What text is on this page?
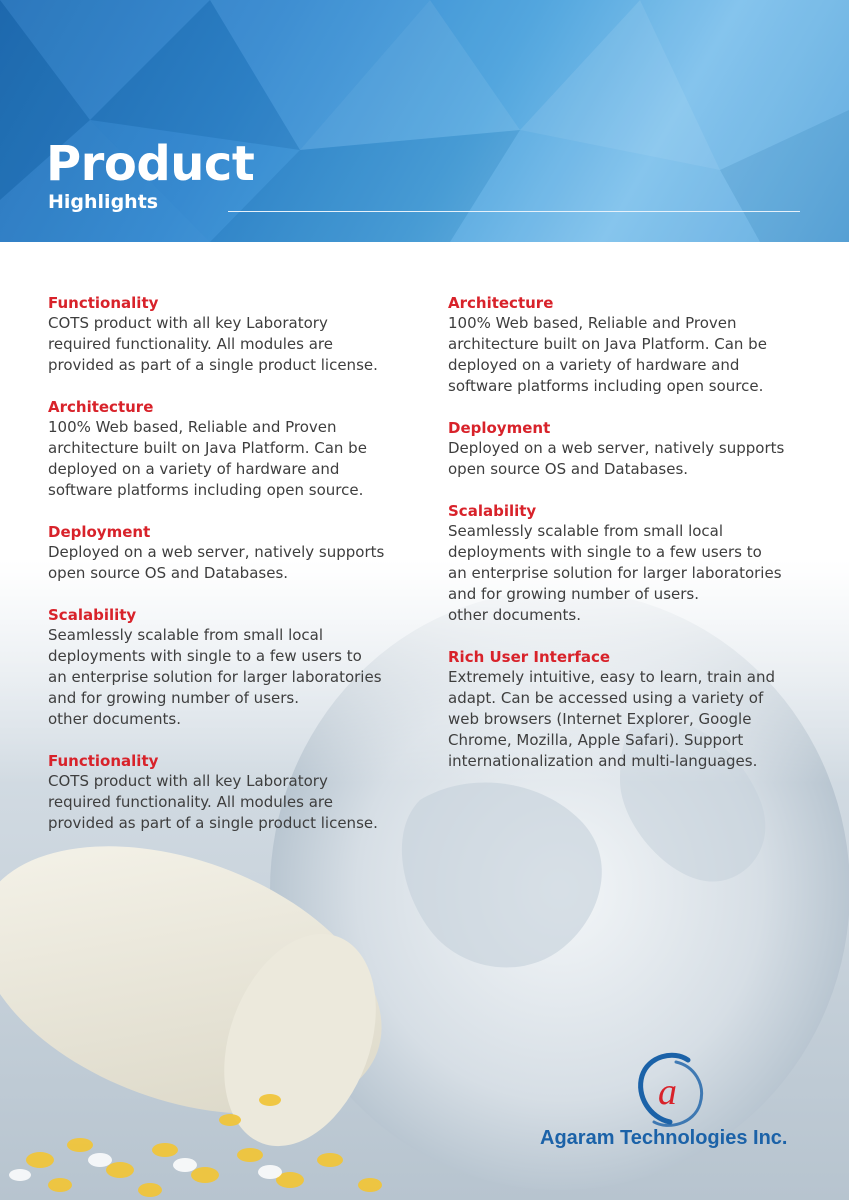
Product
Highlights
Functionality

COTS product with all key Laboratory
required functionality. All modules are
provided as part of a single product license.

Architecture

100% Web based, Reliable and Proven
architecture built on Java Platform. Can be
deployed on a variety of hardware and
software platforms including open source.

Deployment

Deployed on a web server, natively supports
open source OS and Databases.

Scalability

Seamlessly scalable from small local
deployments with single to a few users to
an enterprise solution for larger laboratories
and for growing number of users.
other documents.

Functionality

COTS product with all key Laboratory
required functionality. All modules are
provided as part of a single product license.

Architecture

100% Web based, Reliable and Proven
architecture built on Java Platform. Can be
deployed on a variety of hardware and
software platforms including open source.

Deployment

Deployed on a web server, natively supports
open source OS and Databases.

Scalability

Seamlessly scalable from small local
deployments with single to a few users to
an enterprise solution for larger laboratories
and for growing number of users.
other documents.

Rich User Interface

Extremely intuitive, easy to learn, train and
adapt. Can be accessed using a variety of
web browsers (Internet Explorer, Google
Chrome, Mozilla, Apple Safari). Support
internationalization and multi-languages.

a
Agaram Technologies Inc.
